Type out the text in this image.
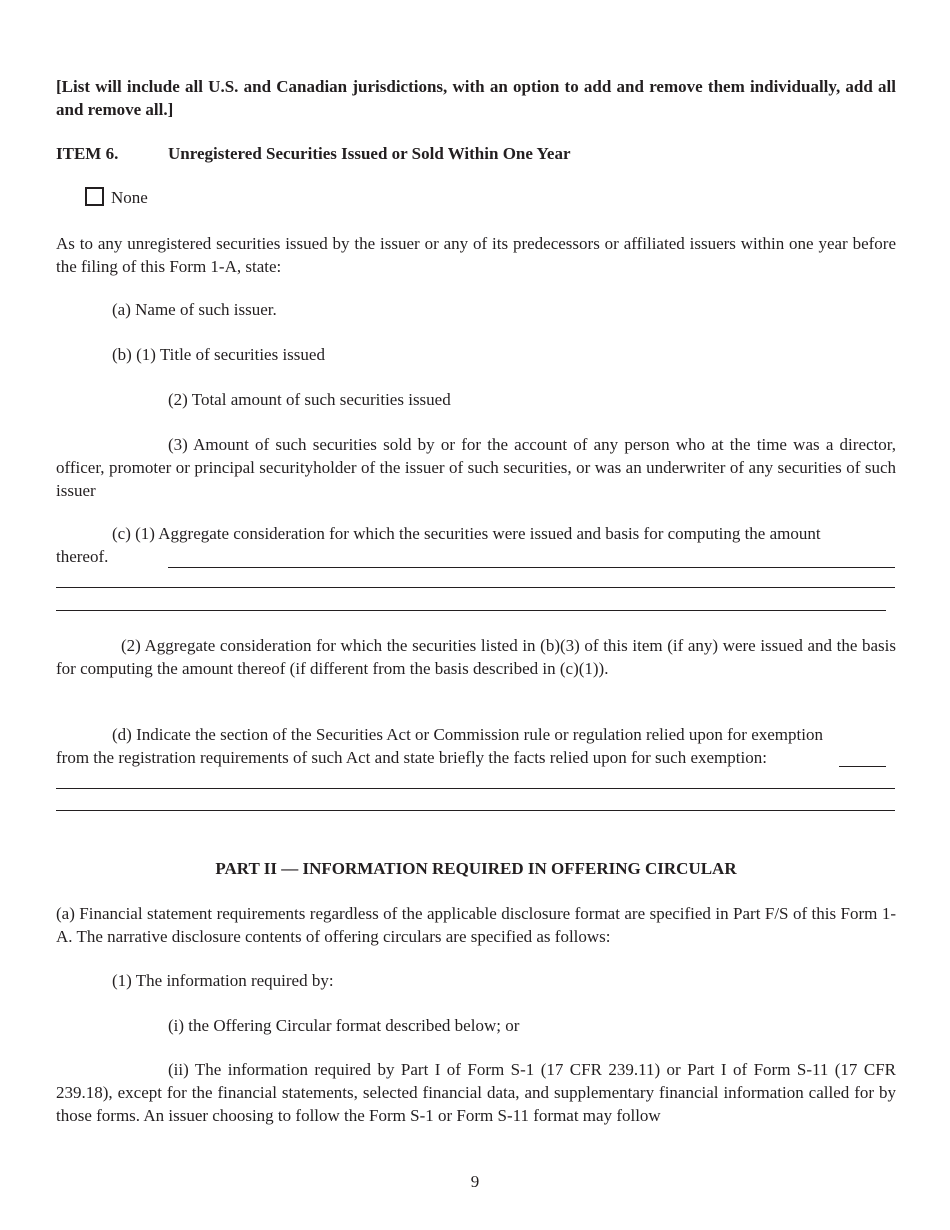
[List will include all U.S. and Canadian jurisdictions, with an option to add and remove them individually, add all and remove all.]

ITEM 6.	Unregistered Securities Issued or Sold Within One Year

None

As to any unregistered securities issued by the issuer or any of its predecessors or affiliated issuers within one year before the filing of this Form 1-A, state:

(a) Name of such issuer.

(b) (1) Title of securities issued

(2) Total amount of such securities issued

(3) Amount of such securities sold by or for the account of any person who at the time was a director, officer, promoter or principal securityholder of the issuer of such securities, or was an underwriter of any securities of such issuer

(c) (1) Aggregate consideration for which the securities were issued and basis for computing the amount thereof.

(2) Aggregate consideration for which the securities listed in (b)(3) of this item (if any) were issued and the basis for computing the amount thereof (if different from the basis described in (c)(1)).

(d) Indicate the section of the Securities Act or Commission rule or regulation relied upon for exemption from the registration requirements of such Act and state briefly the facts relied upon for such exemption:

PART II — INFORMATION REQUIRED IN OFFERING CIRCULAR

(a) Financial statement requirements regardless of the applicable disclosure format are specified in Part F/S of this Form 1-A. The narrative disclosure contents of offering circulars are specified as follows:

(1) The information required by:

(i) the Offering Circular format described below; or

(ii) The information required by Part I of Form S-1 (17 CFR 239.11) or Part I of Form S-11 (17 CFR 239.18), except for the financial statements, selected financial data, and supplementary financial information called for by those forms. An issuer choosing to follow the Form S-1 or Form S-11 format may follow

9
